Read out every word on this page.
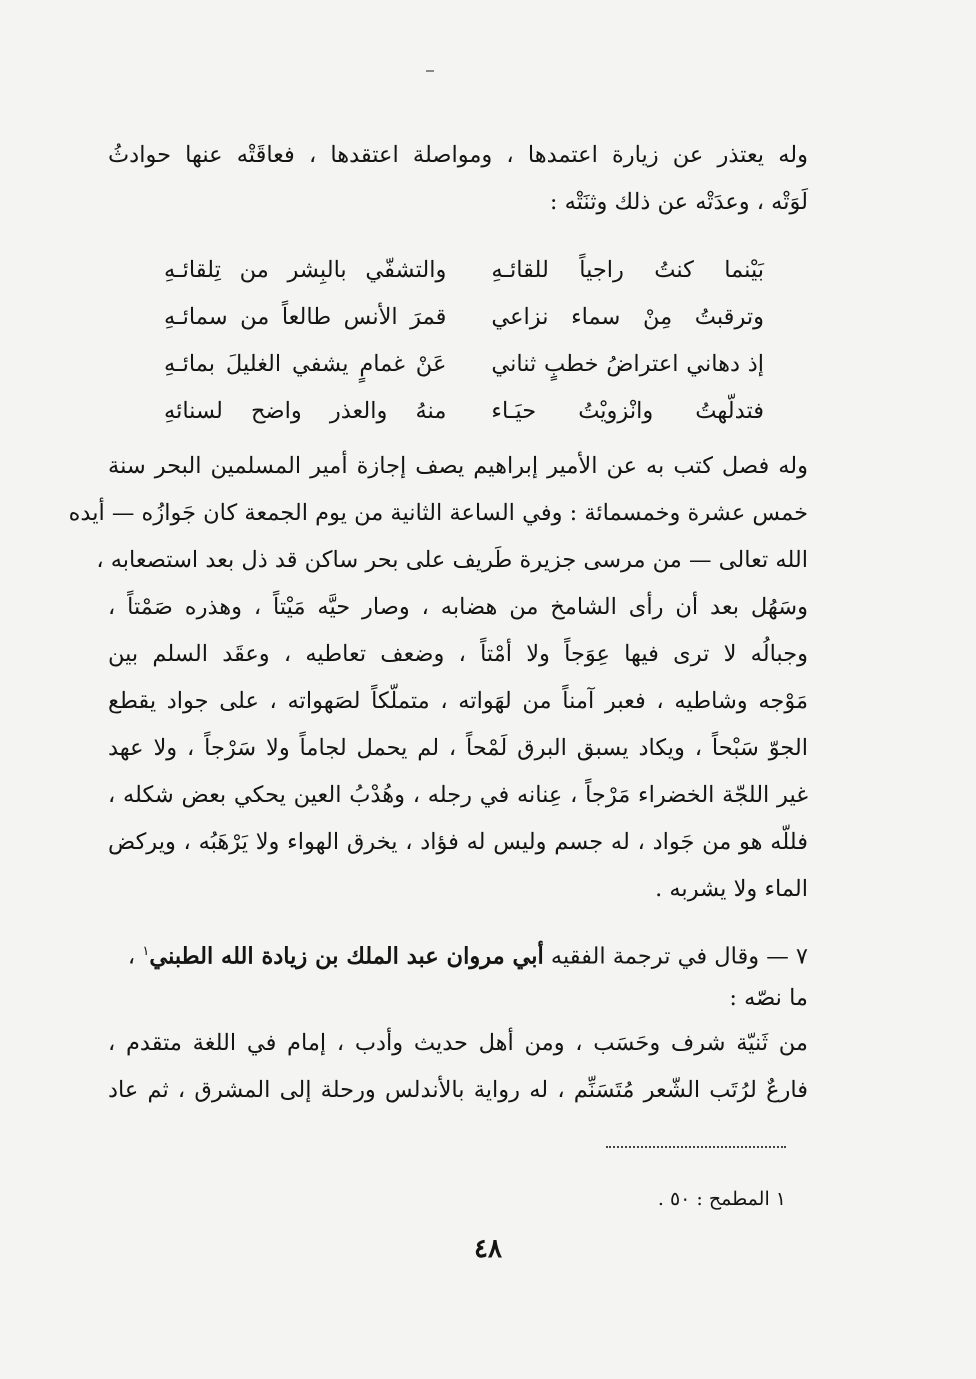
وله يعتذر عن زيارة اعتمدها ، ومواصلة اعتقدها ، فعاقَتْه عنها حوادثُ
لَوَتْه ، وعدَتْه عن ذلك وثنَتْه :
بَيْنما كنتُ راجياً للقائـهِ
والتشفّي بالبِشر من تِلقائـهِ
وترقبتُ مِنْ سماء نزاعي
قمرَ الأنس طالعاً من سمائـهِ
إذ دهاني اعتراضُ خطبٍ ثناني
عَنْ غمامٍ يشفي الغليلَ بمائـهِ
فتدلّهتُ وانْزويْتُ حيَـاء
منهُ والعذر واضح لسنائهِ
وله فصل كتب به عن الأمير إبراهيم يصف إجازة أمير المسلمين البحر سنة
خمس عشرة وخمسمائة : وفي الساعة الثانية من يوم الجمعة كان جَوازُه — أيده
الله تعالى — من مرسى جزيرة طَريف على بحر ساكن قد ذل بعد استصعابه ،
وسَهُل بعد أن رأى الشامخ من هضابه ، وصار حيَّه مَيْتاً ، وهذره صَمْتاً ،
وجبالُه لا ترى فيها عِوَجاً ولا أمْتاً ، وضعف تعاطيه ، وعقَد السلم بين
مَوْجه وشاطيه ، فعبر آمناً من لهَواته ، متملّكاً لصَهواته ، على جواد يقطع
الجوّ سَبْحاً ، ويكاد يسبق البرق لَمْحاً ، لم يحمل لجاماً ولا سَرْجاً ، ولا عهد
غير اللجّة الخضراء مَرْجاً ، عِنانه في رجله ، وهُدْبُ العين يحكي بعض شكله ،
فللّه هو من جَواد ، له جسم وليس له فؤاد ، يخرق الهواء ولا يَرْهَبُه ، ويركض
الماء ولا يشربه .
٧ — وقال في ترجمة الفقيه أبي مروان عبد الملك بن زيادة الله الطبني$^١$ ،
ما نصّه :
من ثَنيّة شرف وحَسَب ، ومن أهل حديث وأدب ، إمام في اللغة متقدم ،
فارعٌ لرُتَب الشّعر مُتَسَنِّم ، له رواية بالأندلس ورحلة إلى المشرق ، ثم عاد
١ المطمح : ٥٠ .
٤٨
